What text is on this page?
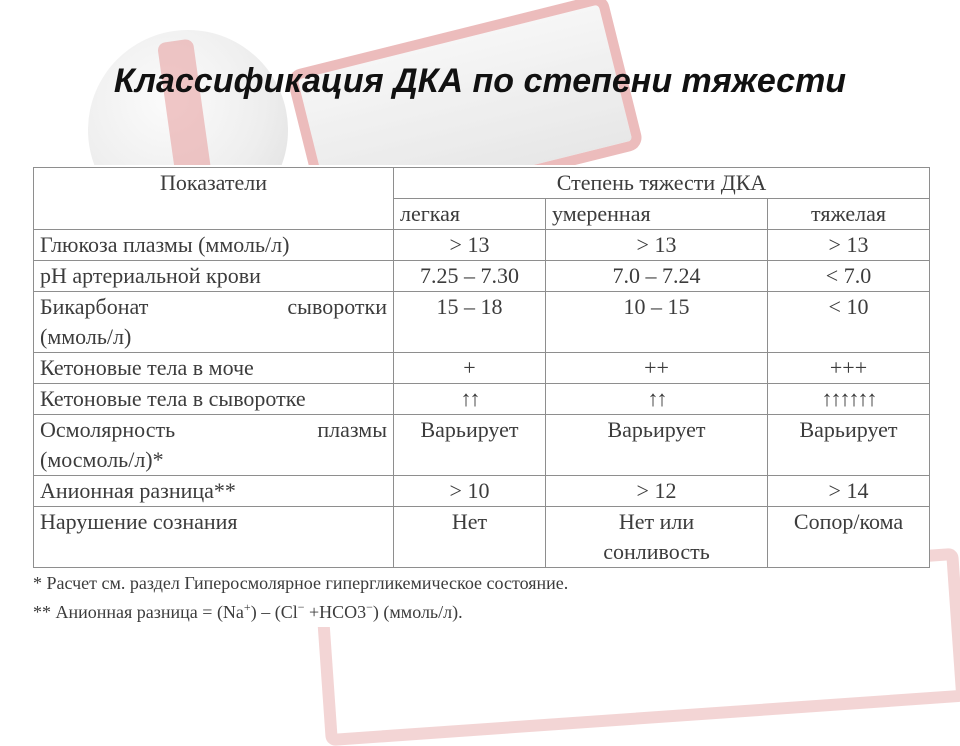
Классификация ДКА по степени тяжести
Показатели	Степень тяжести ДКА		
	легкая	умеренная	тяжелая
Глюкоза плазмы (ммоль/л)	> 13	> 13	> 13
pH артериальной крови	7.25 – 7.30	7.0 – 7.24	< 7.0

Бикарбонат сыворотки
(ммоль/л)	15 – 18	10 – 15	< 10
Кетоновые тела в моче	+	++	+++
Кетоновые тела в сыворотке	↑↑	↑↑	↑↑↑↑↑↑

Осмолярность плазмы
(мосмоль/л)*	Варьирует	Варьирует	Варьирует
Анионная разница**	> 10	> 12	> 14
Нарушение сознания	Нет	Нет или сонливость	Сопор/кома
* Расчет см. раздел Гиперосмолярное гипергликемическое состояние.
** Анионная разница = (Na+) – (Cl− +HCO3−) (ммоль/л).
